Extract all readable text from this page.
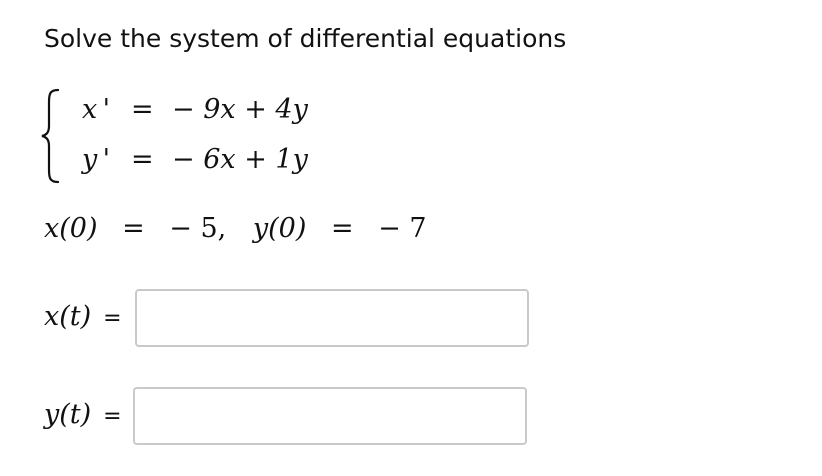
Solve the system of differential equations
x ' = − 9x + 4y
y ' = − 6x + 1y
x(0) = − 5, y(0) = − 7
x(t) =
y(t) =
